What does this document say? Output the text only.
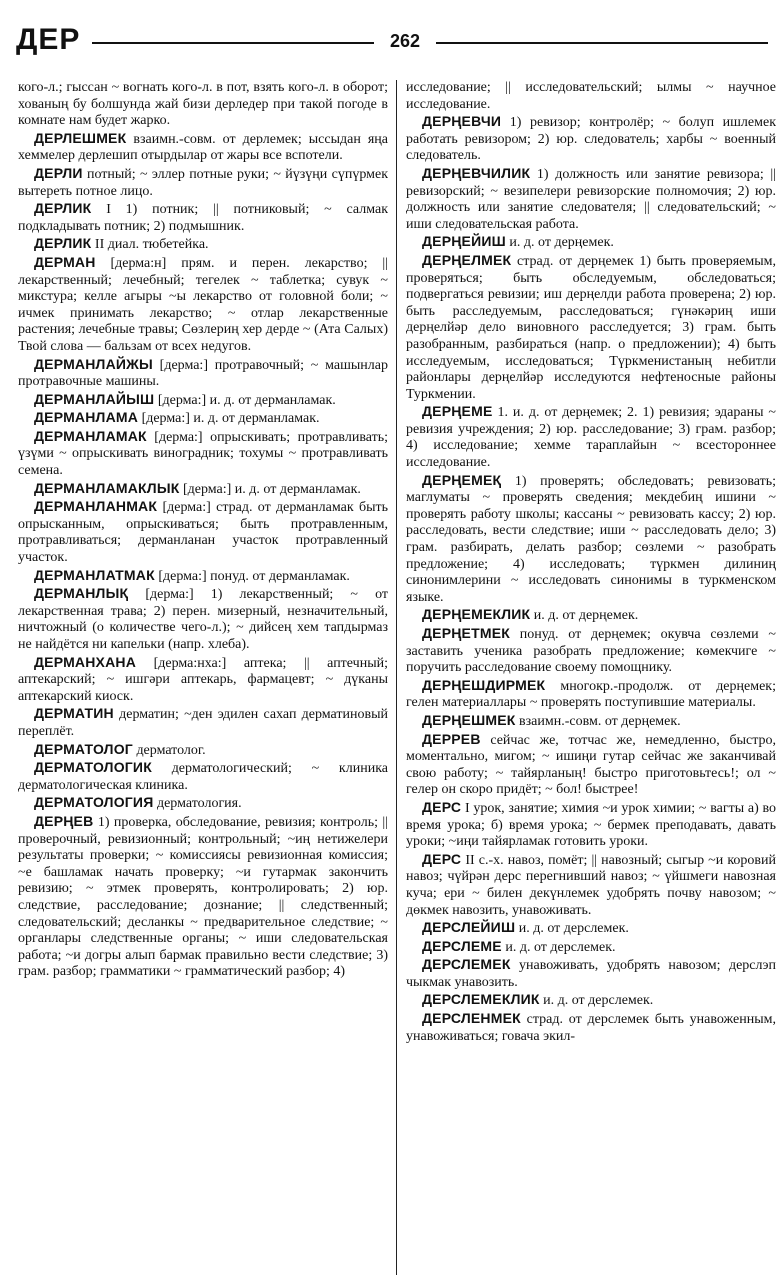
ДЕР	262

кого-л.; гыссан ~ вогнать кого-л. в пот, взять кого-л. в оборот; хованың бу болшунда жай бизи дерледер при такой погоде в комнате нам будет жарко.

ДЕРЛЕШМЕК взаимн.-совм. от дерлемек; ыссыдан яңа хеммелер дерлешип отырдылар от жары все вспотели.

ДЕРЛИ потный; ~ эллер потные руки; ~ йүзүңи сүпүрмек вытереть потное лицо.

ДЕРЛИК I 1) потник; || потниковый; ~ салмак подкладывать потник; 2) подмышник.

ДЕРЛИК II диал. тюбетейка.

ДЕРМАН [дерма:н] прям. и перен. лекарство; || лекарственный; лечебный; тегелек ~ таблетка; сувук ~ микстура; келле агыры ~ы лекарство от головной боли; ~ ичмек принимать лекарство; ~ отлар лекарственные растения; лечебные травы; Сөзлериң хер дерде ~ (Ата Салых) Твой слова — бальзам от всех недугов.

ДЕРМАНЛАЙЖЫ [дерма:] протравочный; ~ машынлар протравочные машины.

ДЕРМАНЛАЙЫШ [дерма:] и. д. от дерманламак.

ДЕРМАНЛАМА [дерма:] и. д. от дерманламак.

ДЕРМАНЛАМАК [дерма:] опрыскивать; протравливать; үзүми ~ опрыскивать виноградник; тохумы ~ протравливать семена.

ДЕРМАНЛАМАКЛЫК [дерма:] и. д. от дерманламак.

ДЕРМАНЛАНМАК [дерма:] страд. от дерманламак быть опрысканным, опрыскиваться; быть протравленным, протравливаться; дерманланан участок протравленный участок.

ДЕРМАНЛАТМАК [дерма:] понуд. от дерманламак.

ДЕРМАНЛЫҚ [дерма:] 1) лекарственный; ~ от лекарственная трава; 2) перен. мизерный, незначительный, ничтожный (о количестве чего-л.); ~ дийсең хем тапдырмаз не найдётся ни капельки (напр. хлеба).

ДЕРМАНХАНА [дерма:нха:] аптека; || аптечный; аптекарский; ~ ишгәри аптекарь, фармацевт; ~ дүканы аптекарский киоск.

ДЕРМАТИН дерматин; ~ден эдилен сахап дерматиновый переплёт.

ДЕРМАТОЛОГ дерматолог.

ДЕРМАТОЛОГИК дерматологический; ~ клиника дерматологическая клиника.

ДЕРМАТОЛОГИЯ дерматология.

ДЕРҢЕВ 1) проверка, обследование, ревизия; контроль; || проверочный, ревизионный; контрольный; ~иң нетижелери результаты проверки; ~ комиссиясы ревизионная комиссия; ~е башламак начать проверку; ~и гутармак закончить ревизию; ~ этмек проверять, контролировать; 2) юр. следствие, расследование; дознание; || следственный; следовательский; десланкы ~ предварительное следствие; ~ органлары следственные органы; ~ иши следовательская работа; ~и догры алып бармак правильно вести следствие; 3) грам. разбор; грамматики ~ грамматический разбор; 4)

исследование; || исследовательский; ылмы ~ научное исследование.

ДЕРҢЕВЧИ 1) ревизор; контролёр; ~ болуп ишлемек работать ревизором; 2) юр. следователь; харбы ~ военный следователь.

ДЕРҢЕВЧИЛИК 1) должность или занятие ревизора; || ревизорский; ~ везипелери ревизорские полномочия; 2) юр. должность или занятие следователя; || следовательский; ~ иши следовательская работа.

ДЕРҢЕЙИШ и. д. от дерңемек.

ДЕРҢЕЛМЕК страд. от дерңемек 1) быть проверяемым, проверяться; быть обследуемым, обследоваться; подвергаться ревизии; иш дерңелди работа проверена; 2) юр. быть расследуемым, расследоваться; гүнәкәриң иши дерңелйәр дело виновного расследуется; 3) грам. быть разобранным, разбираться (напр. о предложении); 4) быть исследуемым, исследоваться; Түркменистаның небитли районлары дерңелйәр исследуются нефтеносные районы Туркмении.

ДЕРҢЕМЕ 1. и. д. от дерңемек; 2. 1) ревизия; эдараны ~ ревизия учреждения; 2) юр. расследование; 3) грам. разбор; 4) исследование; хемме тараплайын ~ всестороннее исследование.

ДЕРҢЕМЕҚ 1) проверять; обследовать; ревизовать; маглуматы ~ проверять сведения; мекдебиң ишини ~ проверять работу школы; кассаны ~ ревизовать кассу; 2) юр. расследовать, вести следствие; иши ~ расследовать дело; 3) грам. разбирать, делать разбор; сөзлеми ~ разобрать предложение; 4) исследовать; түркмен дилиниң синонимлерини ~ исследовать синонимы в туркменском языке.

ДЕРҢЕМЕКЛИК и. д. от дерңемек.

ДЕРҢЕТМЕК понуд. от дерңемек; окувча сөзлеми ~ заставить ученика разобрать предложение; көмекчиге ~ поручить расследование своему помощнику.

ДЕРҢЕШДИРМЕК многокр.-продолж. от дерңемек; гелен материаллары ~ проверять поступившие материалы.

ДЕРҢЕШМЕК взаимн.-совм. от дерңемек.

ДЕРРЕВ сейчас же, тотчас же, немедленно, быстро, моментально, мигом; ~ ишиңи гутар сейчас же заканчивай свою работу; ~ тайярланың! быстро приготовьтесь!; ол ~ гелер он скоро придёт; ~ бол! быстрее!

ДЕРС I урок, занятие; химия ~и урок химии; ~ вагты а) во время урока; б) время урока; ~ бермек преподавать, давать уроки; ~иңи тайярламак готовить уроки.

ДЕРС II с.-х. навоз, помёт; || навозный; сыгыр ~и коровий навоз; чүйрән дерс перегнивший навоз; ~ үйшмеги навозная куча; ери ~ билен декүнлемек удобрять почву навозом; ~ дөкмек навозить, унавоживать.

ДЕРСЛЕЙИШ и. д. от дерслемек.

ДЕРСЛЕМЕ и. д. от дерслемек.

ДЕРСЛЕМЕК унавоживать, удобрять навозом; дерслэп чыкмак унавозить.

ДЕРСЛЕМЕКЛИК и. д. от дерслемек.

ДЕРСЛЕНМЕК страд. от дерслемек быть унавоженным, унавоживаться; говача экил-
